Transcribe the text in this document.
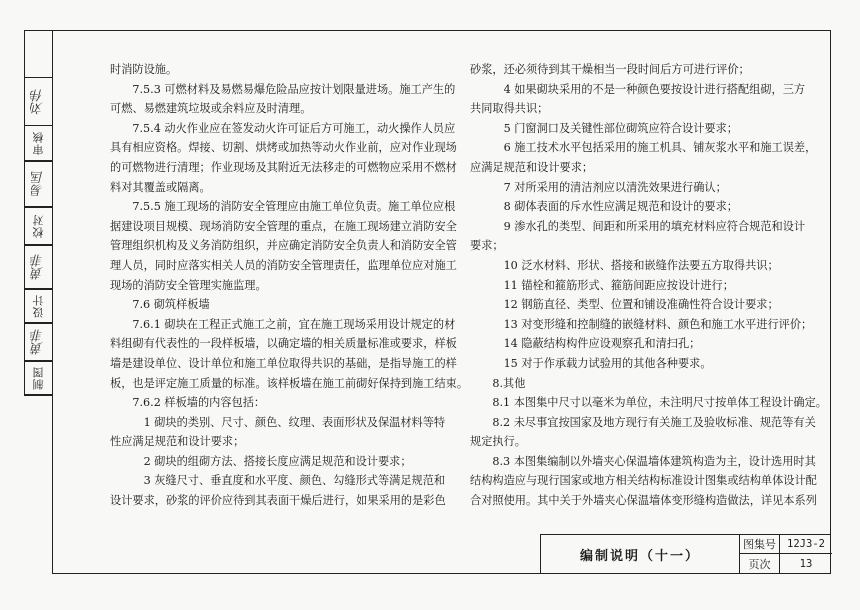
制图
黄菲
设计
黄菲
校对
易国
审核
刘伟
时消防设施。
　　7.5.3 可燃材料及易燃易爆危险品应按计划限量进场。施工产生的
可燃、易燃建筑垃圾或余料应及时清理。
　　7.5.4 动火作业应在签发动火许可证后方可施工，动火操作人员应
具有相应资格。焊接、切割、烘烤或加热等动火作业前，应对作业现场
的可燃物进行清理；作业现场及其附近无法移走的可燃物应采用不燃材
料对其覆盖或隔离。
　　7.5.5 施工现场的消防安全管理应由施工单位负责。施工单位应根
据建设项目规模、现场消防安全管理的重点，在施工现场建立消防安全
管理组织机构及义务消防组织，并应确定消防安全负责人和消防安全管
理人员，同时应落实相关人员的消防安全管理责任，监理单位应对施工
现场的消防安全管理实施监理。
　　7.6 砌筑样板墙
　　7.6.1 砌块在工程正式施工之前，宜在施工现场采用设计规定的材
料组砌有代表性的一段样板墙，以确定墙的相关质量标准或要求，样板
墙是建设单位、设计单位和施工单位取得共识的基础，是指导施工的样
板，也是评定施工质量的标准。该样板墙在施工前砌好保持到施工结束。
　　7.6.2 样板墙的内容包括：
　　　1 砌块的类别、尺寸、颜色、纹理、表面形状及保温材料等特
性应满足规范和设计要求；
　　　2 砌块的组砌方法、搭接长度应满足规范和设计要求；
　　　3 灰缝尺寸、垂直度和水平度、颜色、勾缝形式等满足规范和
设计要求，砂浆的评价应待到其表面干燥后进行，如果采用的是彩色
砂浆，还必须待到其干燥相当一段时间后方可进行评价；
　　　4 如果砌块采用的不是一种颜色要按设计进行搭配组砌，三方
共同取得共识；
　　　5 门窗洞口及关键性部位砌筑应符合设计要求；
　　　6 施工技术水平包括采用的施工机具、铺灰浆水平和施工误差，
应满足规范和设计要求；
　　　7 对所采用的清洁剂应以清洗效果进行确认；
　　　8 砌体表面的斥水性应满足规范和设计的要求；
　　　9 渗水孔的类型、间距和所采用的填充材料应符合规范和设计
要求；
　　　10 泛水材料、形状、搭接和嵌缝作法要五方取得共识；
　　　11 锚栓和箍筋形式、箍筋间距应按设计进行；
　　　12 钢筋直径、类型、位置和铺设准确性符合设计要求；
　　　13 对变形缝和控制缝的嵌缝材料、颜色和施工水平进行评价；
　　　14 隐蔽结构构件应设观察孔和清扫孔；
　　　15 对于作承载力试验用的其他各种要求。
　　8.其他
　　8.1 本图集中尺寸以毫米为单位，未注明尺寸按单体工程设计确定。
　　8.2 未尽事宜按国家及地方现行有关施工及验收标准、规范等有关
规定执行。
　　8.3 本图集编制以外墙夹心保温墙体建筑构造为主，设计选用时其
结构构造应与现行国家或地方相关结构标准设计图集或结构单体设计配
合对照使用。其中关于外墙夹心保温墙体变形缝构造做法，详见本系列
编制说明（十一）
图集号	12J3-2
页次	13
